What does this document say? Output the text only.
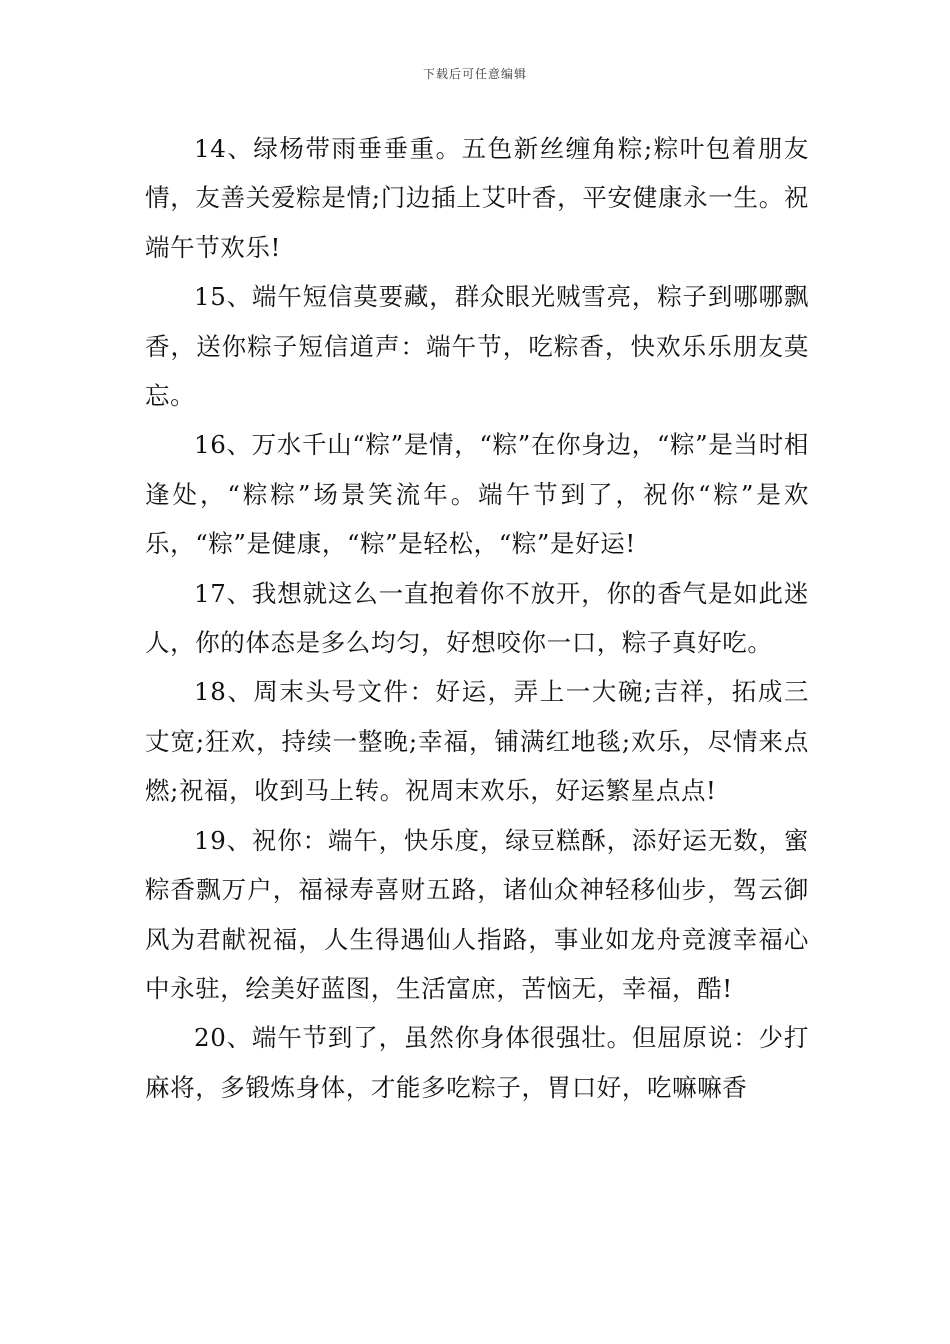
下载后可任意编辑

14、绿杨带雨垂垂重。五色新丝缠角粽;粽叶包着朋友情，友善关爱粽是情;门边插上艾叶香，平安健康永一生。祝端午节欢乐!

15、端午短信莫要藏，群众眼光贼雪亮，粽子到哪哪飘香，送你粽子短信道声：端午节，吃粽香，快欢乐乐朋友莫忘。

16、万水千山“粽”是情，“粽”在你身边，“粽”是当时相逢处，“粽粽”场景笑流年。端午节到了，祝你“粽”是欢乐，“粽”是健康，“粽”是轻松，“粽”是好运!

17、我想就这么一直抱着你不放开，你的香气是如此迷人，你的体态是多么均匀，好想咬你一口，粽子真好吃。

18、周末头号文件：好运，弄上一大碗;吉祥，拓成三丈宽;狂欢，持续一整晚;幸福，铺满红地毯;欢乐，尽情来点燃;祝福，收到马上转。祝周末欢乐，好运繁星点点!

19、祝你：端午，快乐度，绿豆糕酥，添好运无数，蜜粽香飘万户，福禄寿喜财五路，诸仙众神轻移仙步，驾云御风为君献祝福，人生得遇仙人指路，事业如龙舟竞渡幸福心中永驻，绘美好蓝图，生活富庶，苦恼无，幸福，酷!

20、端午节到了，虽然你身体很强壮。但屈原说：少打麻将，多锻炼身体，才能多吃粽子，胃口好，吃嘛嘛香
